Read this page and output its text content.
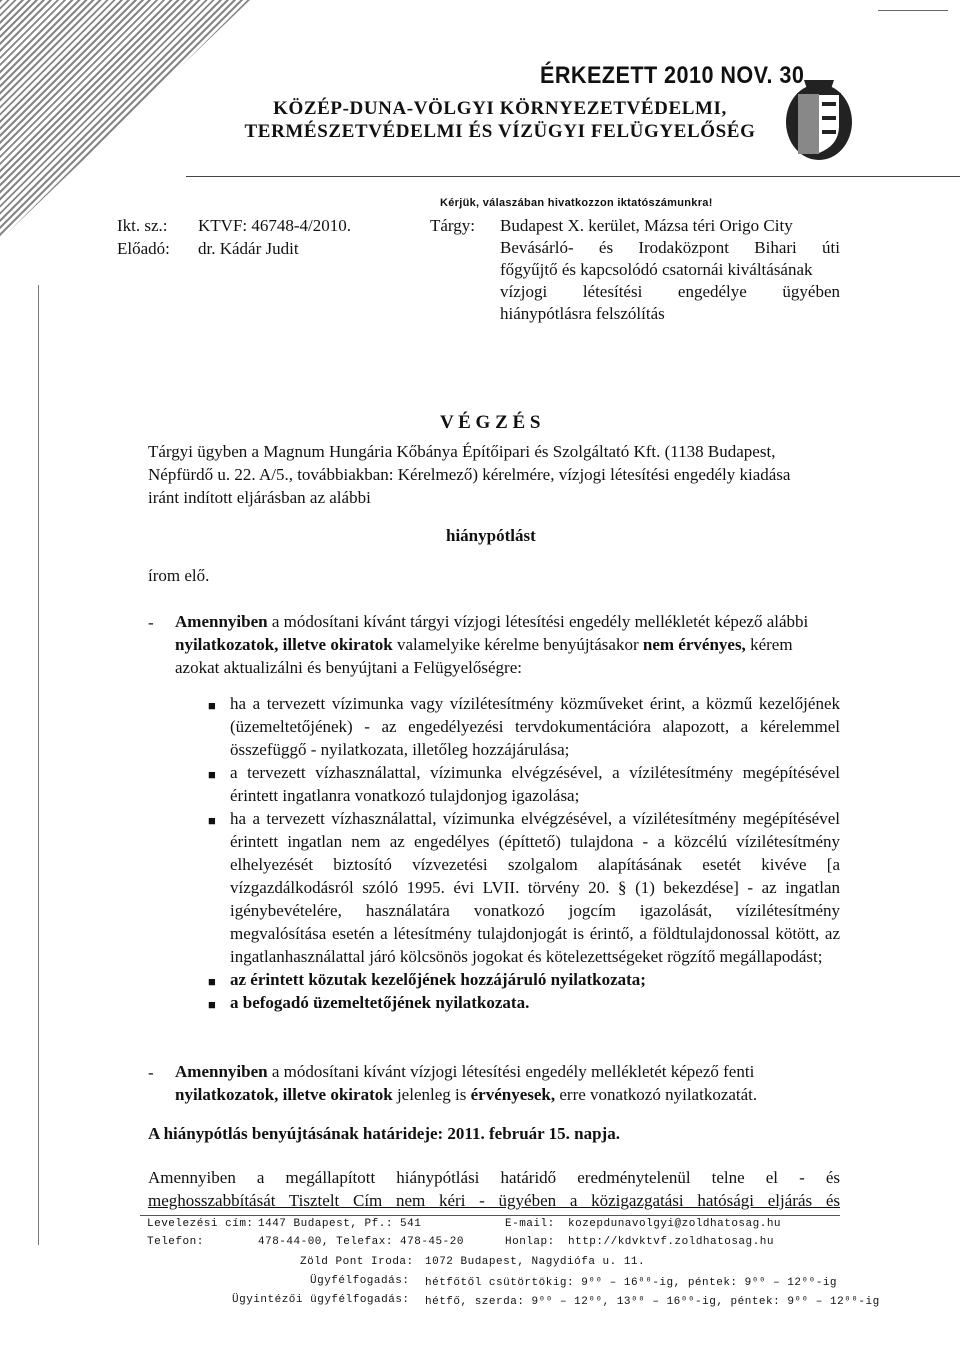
ÉRKEZETT 2010 NOV. 30
KÖZÉP-DUNA-VÖLGYI KÖRNYEZETVÉDELMI,
TERMÉSZETVÉDELMI ÉS VÍZÜGYI FELÜGYELŐSÉG
Kérjük, válaszában hivatkozzon iktatószámunkra!
Ikt. sz.: KTVF: 46748-4/2010.
Előadó: dr. Kádár Judit
Tárgy: Budapest X. kerület, Mázsa téri Origo City
Bevásárló- és Irodaközpont Bihari úti
főgyűjtő és kapcsolódó csatornái kiváltásának
vízjogi létesítési engedélye ügyében
hiánypótlásra felszólítás
V É G Z É S
Tárgyi ügyben a Magnum Hungária Kőbánya Építőipari és Szolgáltató Kft. (1138 Budapest,
Népfürdő u. 22. A/5., továbbiakban: Kérelmező) kérelmére, vízjogi létesítési engedély kiadása
iránt indított eljárásban az alábbi
hiánypótlást
írom elő.
- Amennyiben a módosítani kívánt tárgyi vízjogi létesítési engedély mellékletét képező alábbi
nyilatkozatok, illetve okiratok valamelyike kérelme benyújtásakor nem érvényes, kérem
azokat aktualizálni és benyújtani a Felügyelőségre:
■ ha a tervezett vízimunka vagy vízilétesítmény közműveket érint, a közmű kezelőjének (üzemeltetőjének) - az engedélyezési tervdokumentációra alapozott, a kérelemmel összefüggő - nyilatkozata, illetőleg hozzájárulása;
■ a tervezett vízhasználattal, vízimunka elvégzésével, a vízilétesítmény megépítésével érintett ingatlanra vonatkozó tulajdonjog igazolása;
■ ha a tervezett vízhasználattal, vízimunka elvégzésével, a vízilétesítmény megépítésével érintett ingatlan nem az engedélyes (építtető) tulajdona - a közcélú vízilétesítmény elhelyezését biztosító vízvezetési szolgalom alapításának esetét kivéve [a vízgazdálkodásról szóló 1995. évi LVII. törvény 20. § (1) bekezdése] - az ingatlan igénybevételére, használatára vonatkozó jogcím igazolását, vízilétesítmény megvalósítása esetén a létesítmény tulajdonjogát is érintő, a földtulajdonossal kötött, az ingatlanhasználattal járó kölcsönös jogokat és kötelezettségeket rögzítő megállapodást;
■ az érintett közutak kezelőjének hozzájáruló nyilatkozata;
■ a befogadó üzemeltetőjének nyilatkozata.
- Amennyiben a módosítani kívánt vízjogi létesítési engedély mellékletét képező fenti
nyilatkozatok, illetve okiratok jelenleg is érvényesek, erre vonatkozó nyilatkozatát.
A hiánypótlás benyújtásának határideje: 2011. február 15. napja.
Amennyiben a megállapított hiánypótlási határidő eredménytelenül telne el - és
meghosszabbítását Tisztelt Cím nem kéri - ügyében a közigazgatási hatósági eljárás és
Levelezési cím: 1447 Budapest, Pf.: 541	E-mail: kozepdunavolgyi@zoldhatosag.hu
Telefon:	478-44-00, Telefax: 478-45-20	Honlap: http://kdvktvf.zoldhatosag.hu
Zöld Pont Iroda: 1072 Budapest, Nagydiófa u. 11.
Ügyfélfogadás: hétfőtől csütörtökig: 9⁰⁰ – 16⁰⁰-ig, péntek: 9⁰⁰ – 12⁰⁰-ig
Ügyintézői ügyfélfogadás: hétfő, szerda: 9⁰⁰ – 12⁰⁰, 13⁰⁰ – 16⁰⁰-ig, péntek: 9⁰⁰ – 12⁰⁰-ig
